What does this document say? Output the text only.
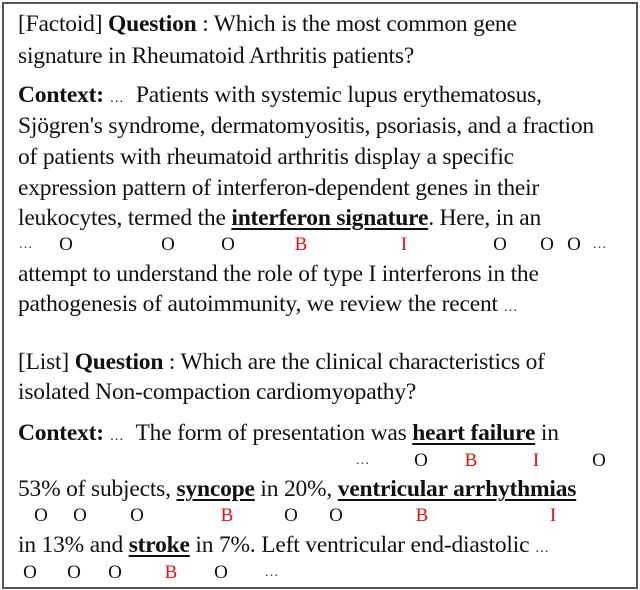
[Factoid] Question : Which is the most common gene
signature in Rheumatoid Arthritis patients?
Context: … Patients with systemic lupus erythematosus,
Sjögren's syndrome, dermatomyositis, psoriasis, and a fraction
of patients with rheumatoid arthritis display a specific
expression pattern of interferon-dependent genes in their
leukocytes, termed the interferon signature. Here, in an
… O	O O	B	I	O O O …
attempt to understand the role of type I interferons in the
pathogenesis of autoimmunity, we review the recent …
[List] Question : Which are the clinical characteristics of
isolated Non-compaction cardiomyopathy?
Context: … The form of presentation was heart failure in
… O B	I	O
53% of subjects, syncope in 20%, ventricular arrhythmias
O O O	B	O O	B	I
in 13% and stroke in 7%. Left ventricular end-diastolic …
O O O B O	…
